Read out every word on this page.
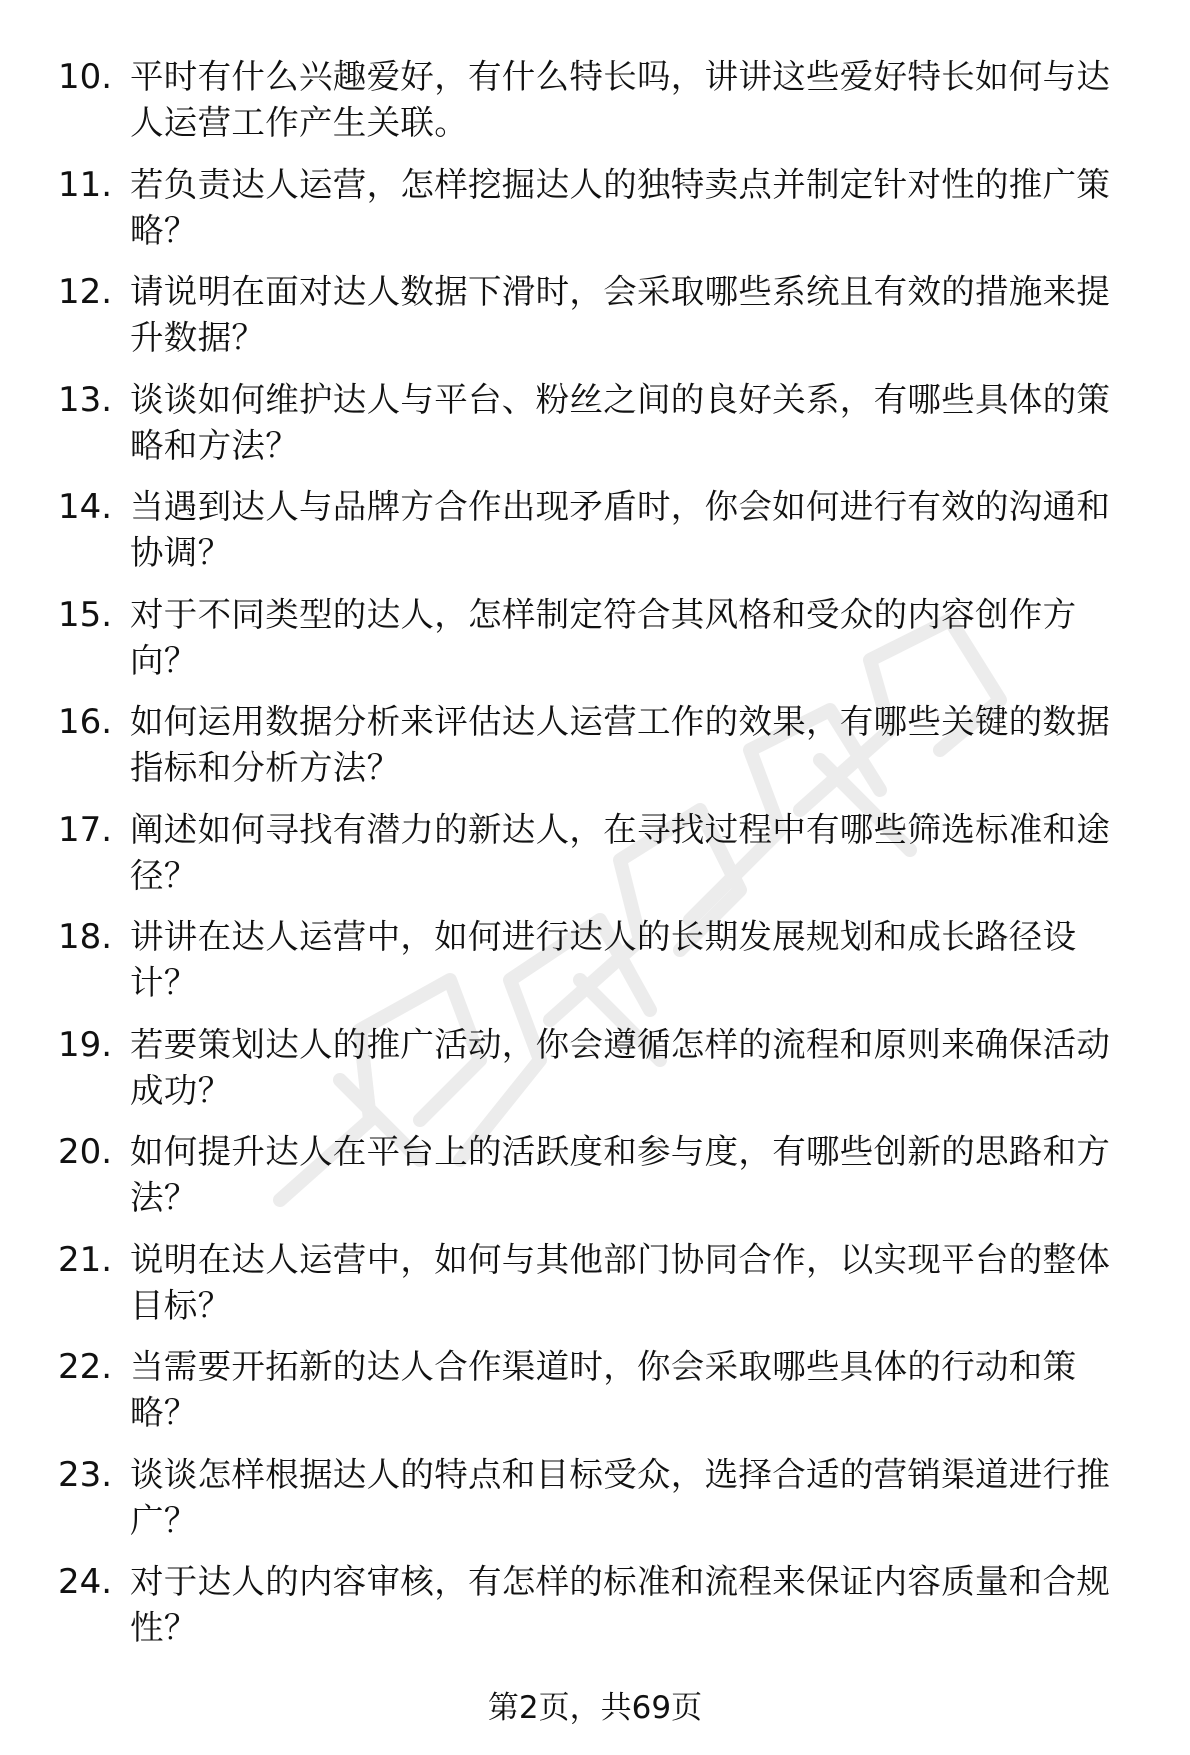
10. 平时有什么兴趣爱好，有什么特长吗，讲讲这些爱好特长如何与达人运营工作产生关联。
11. 若负责达人运营，怎样挖掘达人的独特卖点并制定针对性的推广策略？
12. 请说明在面对达人数据下滑时，会采取哪些系统且有效的措施来提升数据？
13. 谈谈如何维护达人与平台、粉丝之间的良好关系，有哪些具体的策略和方法？
14. 当遇到达人与品牌方合作出现矛盾时，你会如何进行有效的沟通和协调？
15. 对于不同类型的达人，怎样制定符合其风格和受众的内容创作方向？
16. 如何运用数据分析来评估达人运营工作的效果，有哪些关键的数据指标和分析方法？
17. 阐述如何寻找有潜力的新达人，在寻找过程中有哪些筛选标准和途径？
18. 讲讲在达人运营中，如何进行达人的长期发展规划和成长路径设计？
19. 若要策划达人的推广活动，你会遵循怎样的流程和原则来确保活动成功？
20. 如何提升达人在平台上的活跃度和参与度，有哪些创新的思路和方法？
21. 说明在达人运营中，如何与其他部门协同合作，以实现平台的整体目标？
22. 当需要开拓新的达人合作渠道时，你会采取哪些具体的行动和策略？
23. 谈谈怎样根据达人的特点和目标受众，选择合适的营销渠道进行推广？
24. 对于达人的内容审核，有怎样的标准和流程来保证内容质量和合规性？
第2页，共69页
